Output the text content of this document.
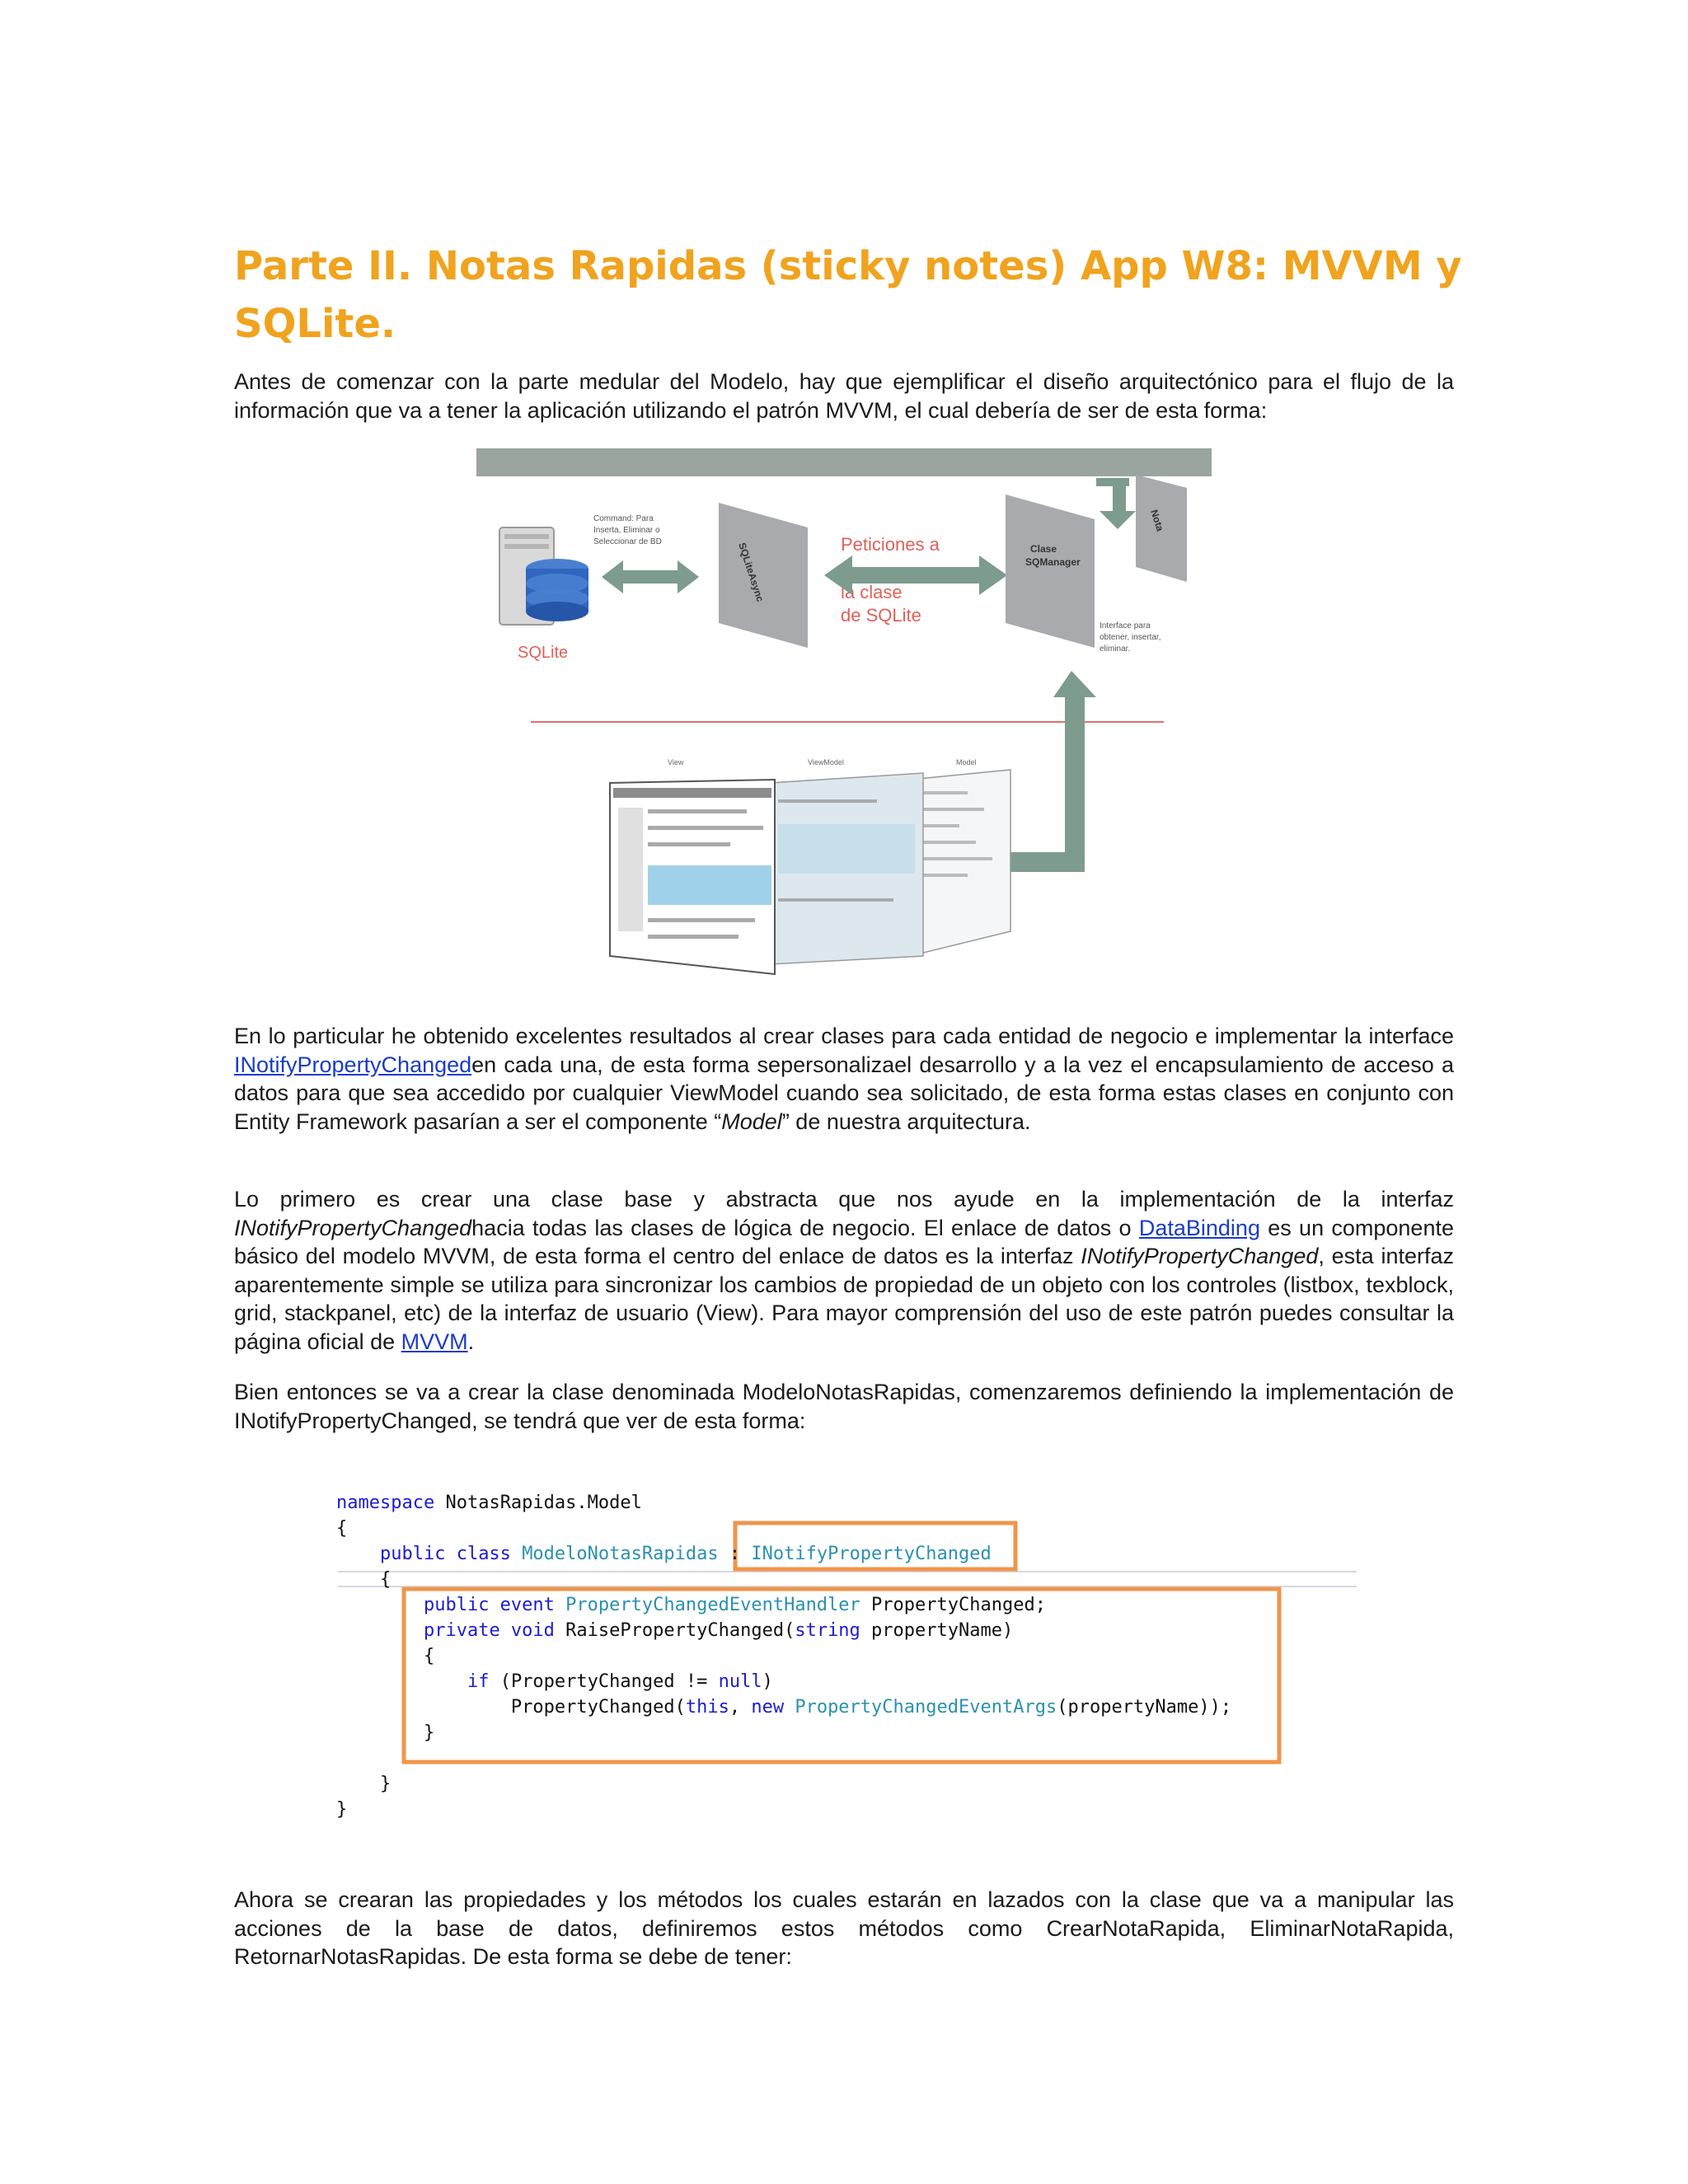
Parte II. Notas Rapidas (sticky notes) App W8: MVVM y SQLite.

Antes de comenzar con la parte medular del Modelo, hay que ejemplificar el diseño arquitectónico para el flujo de la información que va a tener la aplicación utilizando el patrón MVVM, el cual debería de ser de esta forma:

SQLite
Command: Para Inserta, Eliminar o Seleccionar de BD	SQLiteAsync	Peticiones a la clase de SQLite
Clase SQManager
Nota
Interface para obtener, insertar, eliminar.
View	ViewModel	Model

En lo particular he obtenido excelentes resultados al crear clases para cada entidad de negocio e implementar la interface INotifyPropertyChangeden cada una, de esta forma sepersonalizael desarrollo y a la vez el encapsulamiento de acceso a datos para que sea accedido por cualquier ViewModel cuando sea solicitado, de esta forma estas clases en conjunto con Entity Framework pasarían a ser el componente “Model” de nuestra arquitectura.

Lo primero es crear una clase base y abstracta que nos ayude en la implementación de la interfaz INotifyPropertyChangedhacia todas las clases de lógica de negocio. El enlace de datos o DataBinding es un componente básico del modelo MVVM, de esta forma el centro del enlace de datos es la interfaz INotifyPropertyChanged, esta interfaz aparentemente simple se utiliza para sincronizar los cambios de propiedad de un objeto con los controles (listbox, texblock, grid, stackpanel, etc) de la interfaz de usuario (View). Para mayor comprensión del uso de este patrón puedes consultar la página oficial de MVVM.

Bien entonces se va a crear la clase denominada ModeloNotasRapidas, comenzaremos definiendo la implementación de INotifyPropertyChanged, se tendrá que ver de esta forma:

namespace NotasRapidas.Model
{
public class ModeloNotasRapidas : INotifyPropertyChanged
{
public event PropertyChangedEventHandler PropertyChanged;
private void RaisePropertyChanged(string propertyName)
{
if (PropertyChanged != null)
PropertyChanged(this, new PropertyChangedEventArgs(propertyName));
}
}
}

Ahora se crearan las propiedades y los métodos los cuales estarán en lazados con la clase que va a manipular las acciones de la base de datos, definiremos estos métodos como CrearNotaRapida, EliminarNotaRapida, RetornarNotasRapidas. De esta forma se debe de tener:
